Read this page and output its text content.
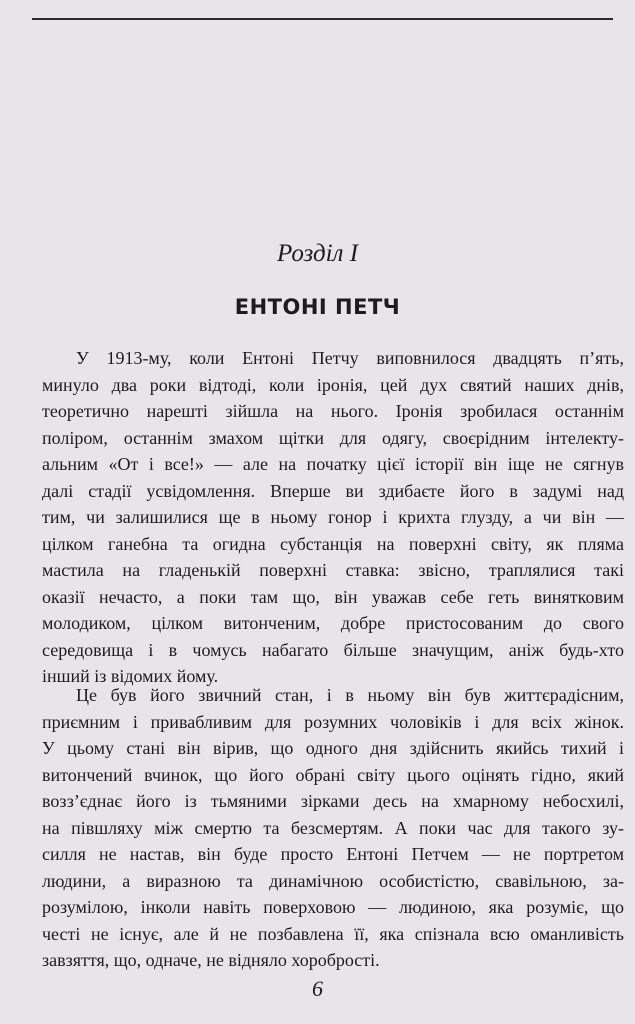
Розділ I
ЕНТОНІ ПЕТЧ
У 1913-му, коли Ентоні Петчу виповнилося двадцять п’ять,
минуло два роки відтоді, коли іронія, цей дух святий наших днів,
теоретично нарешті зійшла на нього. Іронія зробилася останнім
поліром, останнім змахом щітки для одягу, своєрідним інтелекту-
альним «От і все!» — але на початку цієї історії він іще не сягнув
далі стадії усвідомлення. Вперше ви здибаєте його в задумі над
тим, чи залишилися ще в ньому гонор і крихта глузду, а чи він —
цілком ганебна та огидна субстанція на поверхні світу, як пляма
мастила на гладенькій поверхні ставка: звісно, траплялися такі
оказії нечасто, а поки там що, він уважав себе геть винятковим
молодиком, цілком витонченим, добре пристосованим до свого
середовища і в чомусь набагато більше значущим, аніж будь-хто
інший із відомих йому.
Це був його звичний стан, і в ньому він був життєрадісним,
приємним і привабливим для розумних чоловіків і для всіх жінок.
У цьому стані він вірив, що одного дня здійснить якийсь тихий і
витончений вчинок, що його обрані світу цього оцінять гідно, який
возз’єднає його із тьмяними зірками десь на хмарному небосхилі,
на півшляху між смертю та безсмертям. А поки час для такого зу-
силля не настав, він буде просто Ентоні Петчем — не портретом
людини, а виразною та динамічною особистістю, свавільною, за-
розумілою, інколи навіть поверховою — людиною, яка розуміє, що
честі не існує, але й не позбавлена її, яка спізнала всю оманливість
завзяття, що, одначе, не відняло хоробрості.
6
